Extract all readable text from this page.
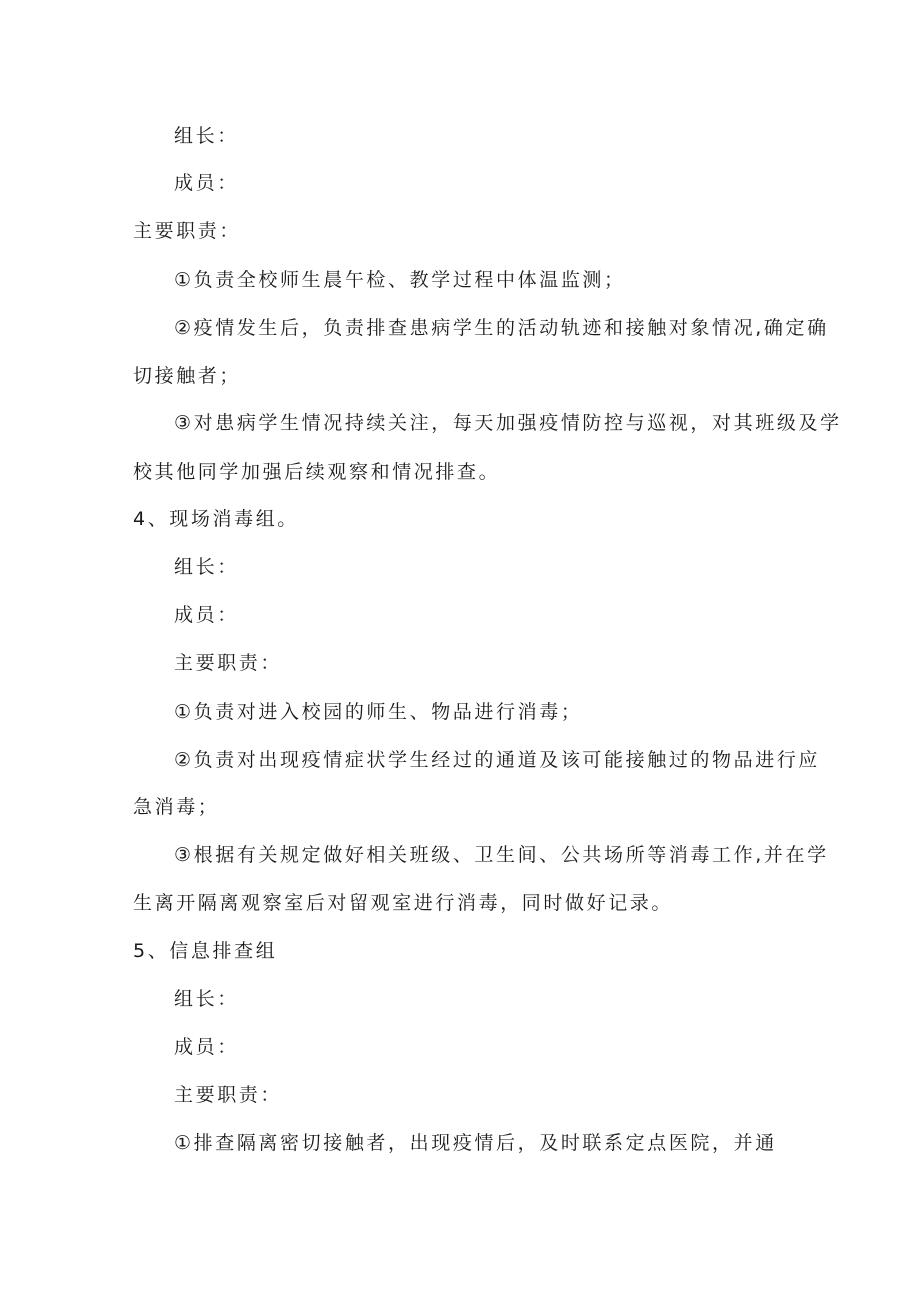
组长：
成员：
主要职责：
①负责全校师生晨午检、教学过程中体温监测；
②疫情发生后，负责排查患病学生的活动轨迹和接触对象情况,确定确
切接触者；
③对患病学生情况持续关注，每天加强疫情防控与巡视，对其班级及学
校其他同学加强后续观察和情况排查。
4、现场消毒组。
组长：
成员：
主要职责：
①负责对进入校园的师生、物品进行消毒；
②负责对出现疫情症状学生经过的通道及该可能接触过的物品进行应
急消毒；
③根据有关规定做好相关班级、卫生间、公共场所等消毒工作,并在学
生离开隔离观察室后对留观室进行消毒，同时做好记录。
5、信息排查组
组长：
成员：
主要职责：
①排查隔离密切接触者，出现疫情后，及时联系定点医院，并通
